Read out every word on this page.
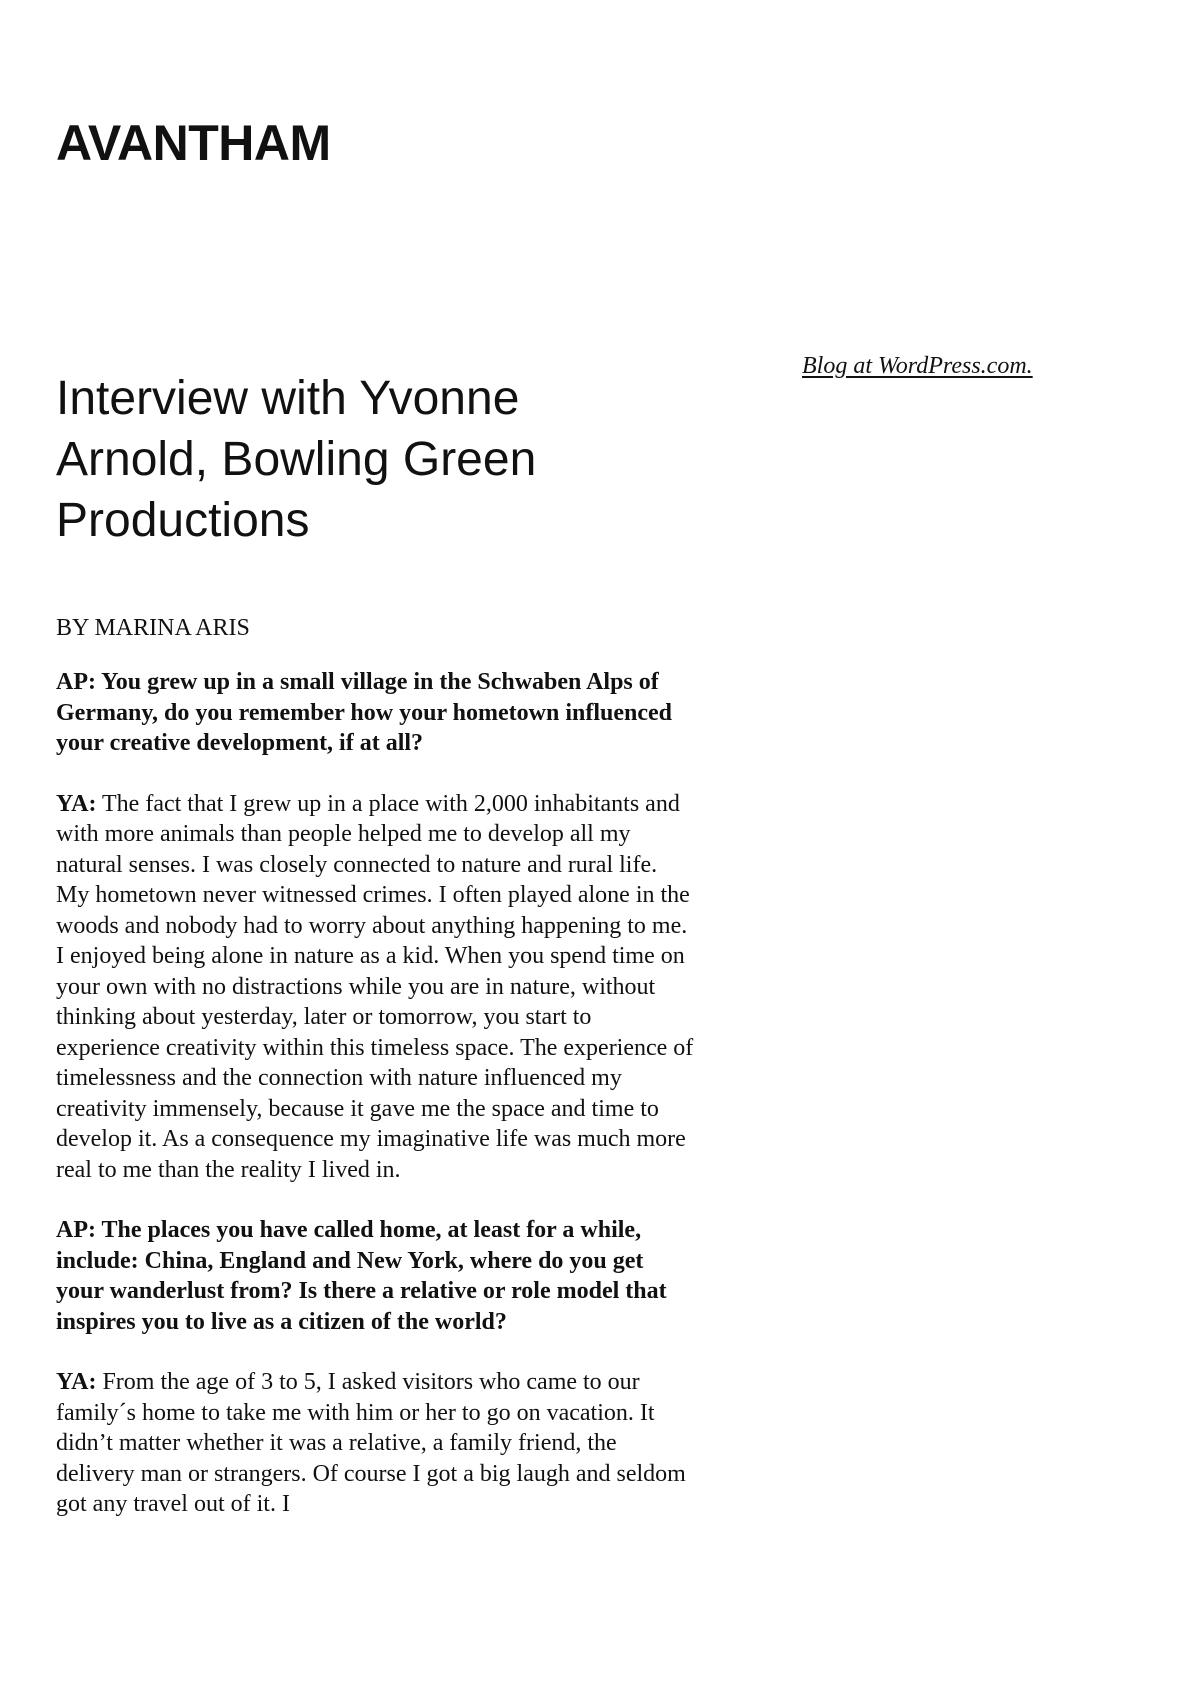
AVANTHAM
Blog at WordPress.com.
Interview with Yvonne Arnold, Bowling Green Productions

BY MARINA ARIS

AP: You grew up in a small village in the Schwaben Alps of Germany, do you remember how your hometown influenced your creative development, if at all?

YA: The fact that I grew up in a place with 2,000 inhabitants and with more animals than people helped me to develop all my natural senses. I was closely connected to nature and rural life. My hometown never witnessed crimes. I often played alone in the woods and nobody had to worry about anything happening to me. I enjoyed being alone in nature as a kid. When you spend time on your own with no distractions while you are in nature, without thinking about yesterday, later or tomorrow, you start to experience creativity within this timeless space. The experience of timelessness and the connection with nature influenced my creativity immensely, because it gave me the space and time to develop it. As a consequence my imaginative life was much more real to me than the reality I lived in.

AP: The places you have called home, at least for a while, include: China, England and New York, where do you get your wanderlust from? Is there a relative or role model that inspires you to live as a citizen of the world?

YA: From the age of 3 to 5, I asked visitors who came to our family´s home to take me with him or her to go on vacation. It didn’t matter whether it was a relative, a family friend, the delivery man or strangers. Of course I got a big laugh and seldom got any travel out of it. I
